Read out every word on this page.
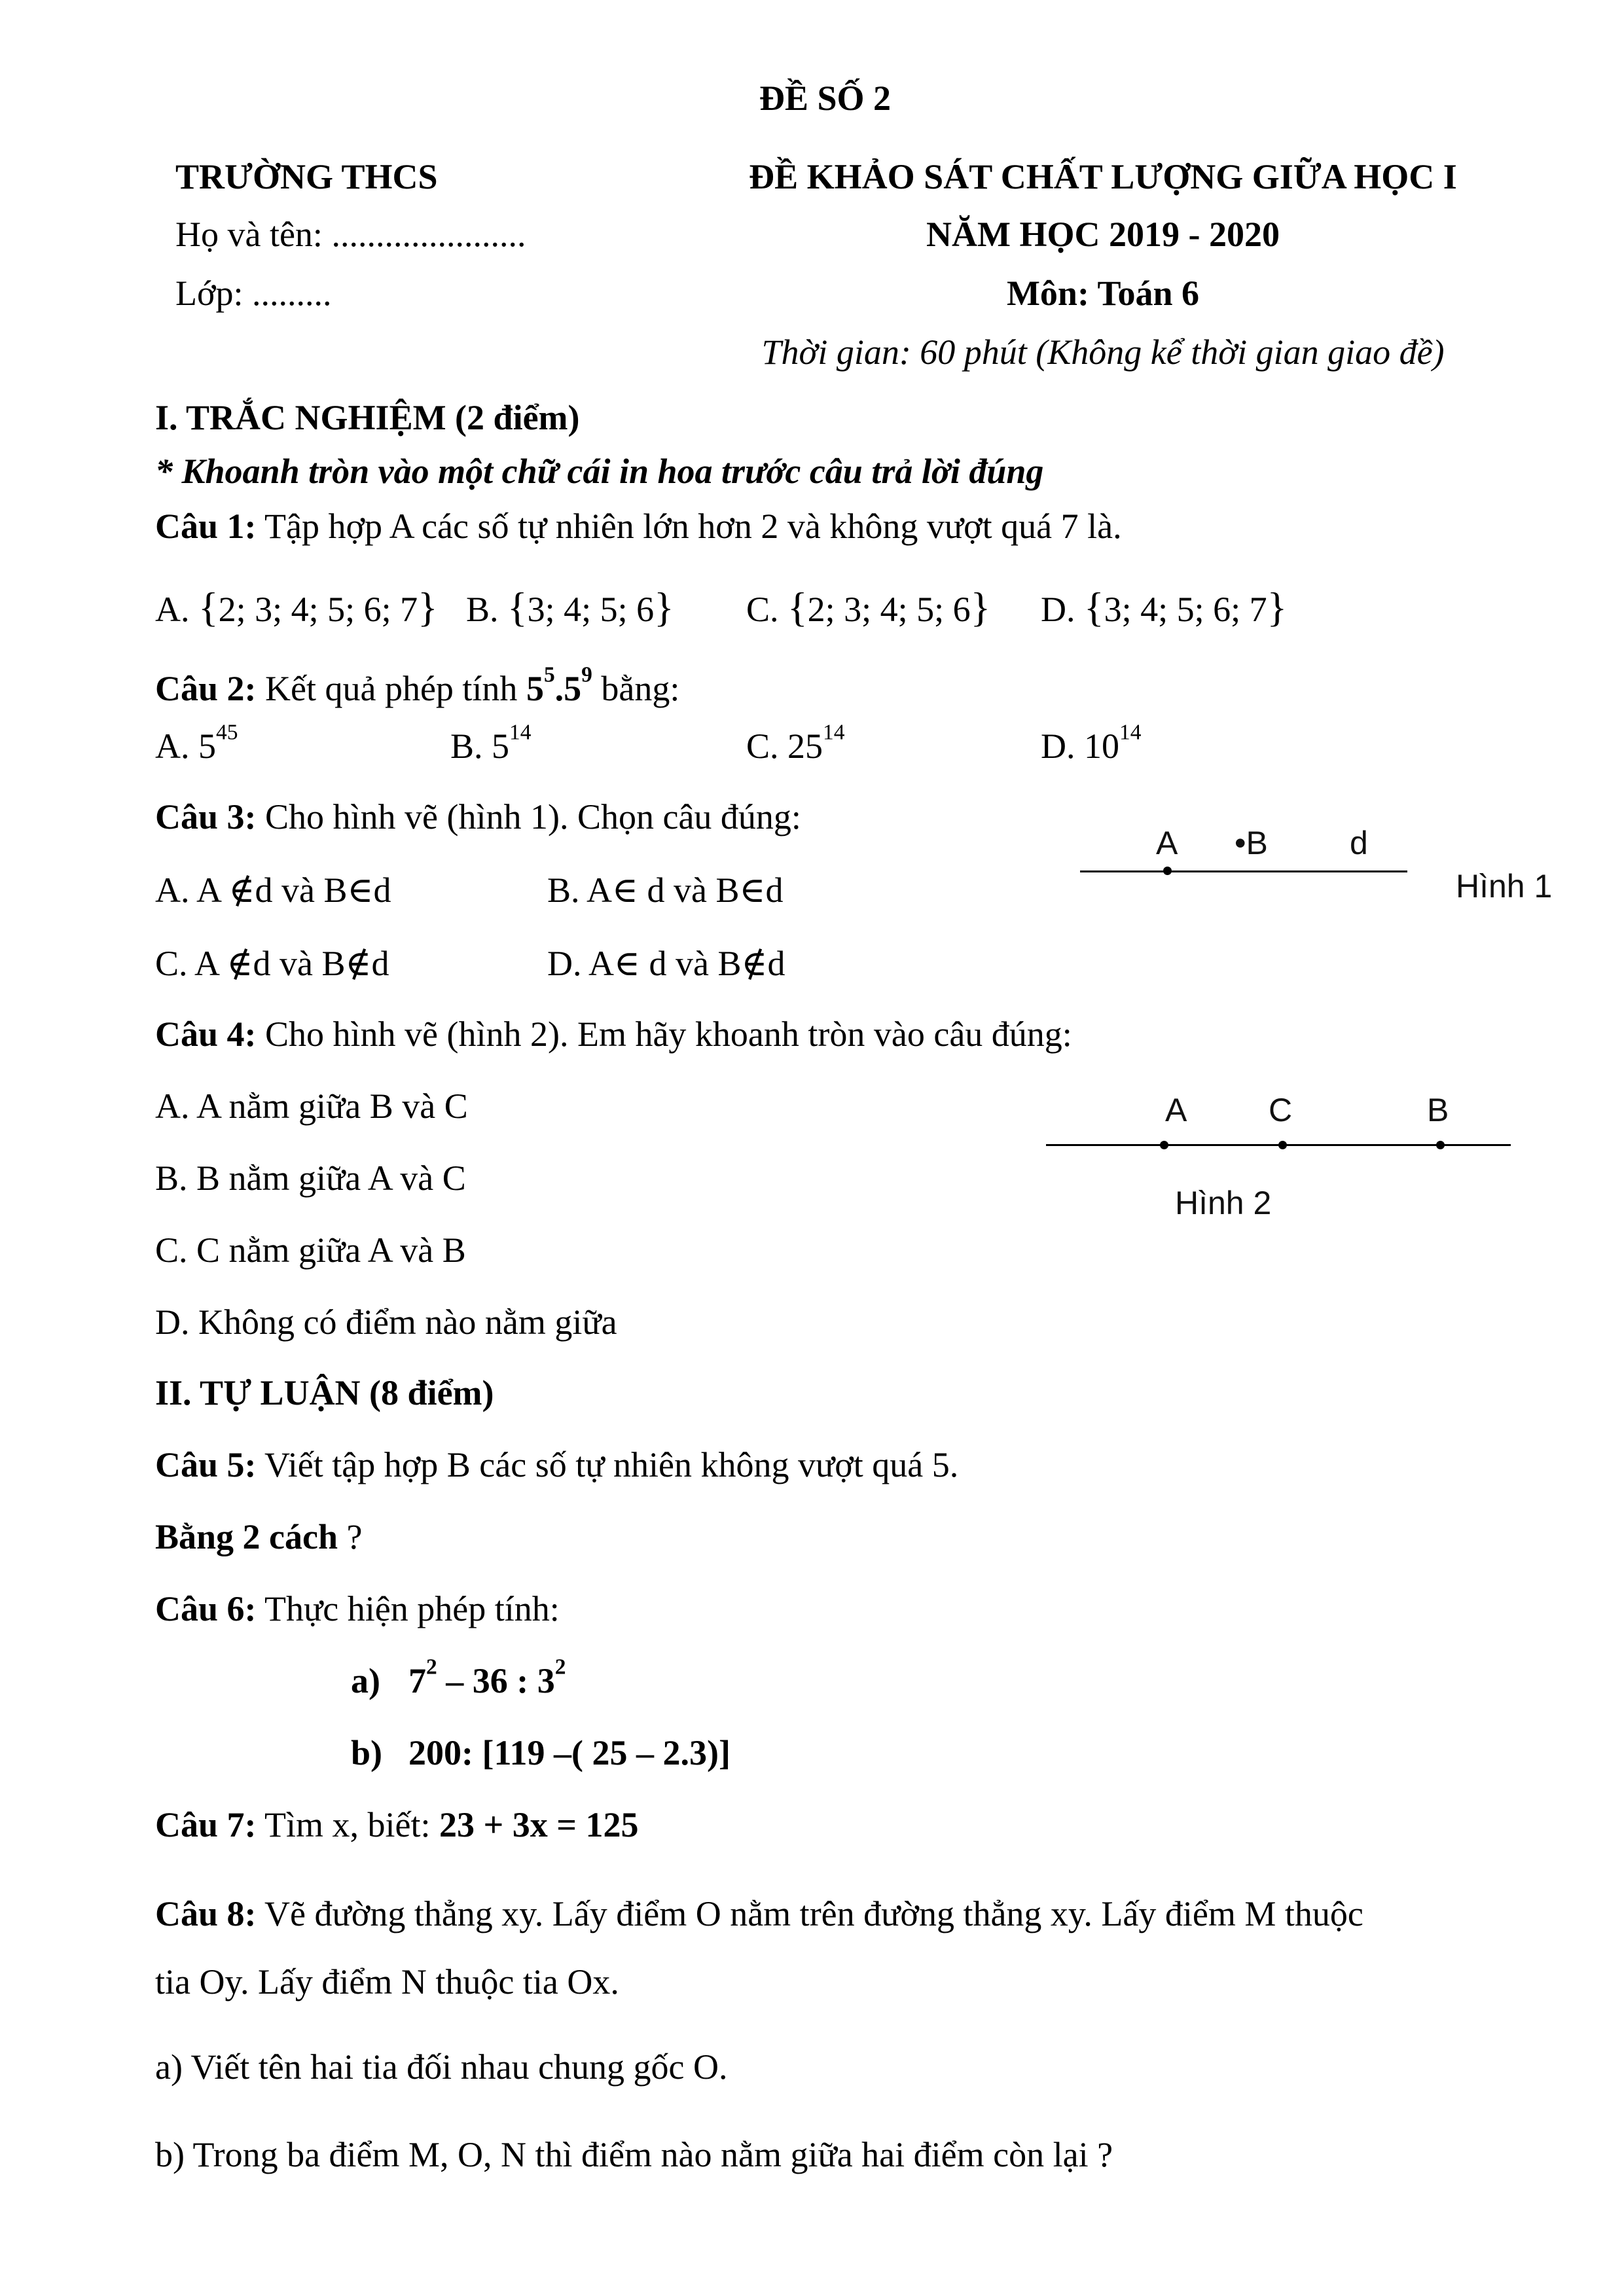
ĐỀ SỐ 2
TRƯỜNG THCS
Họ và tên: ......................
Lớp: .........
ĐỀ KHẢO SÁT CHẤT LƯỢNG GIỮA HỌC I
NĂM HỌC 2019 - 2020
Môn: Toán 6
Thời gian: 60 phút (Không kể thời gian giao đề)
I. TRẮC NGHIỆM (2 điểm)
* Khoanh tròn vào một chữ cái in hoa trước câu trả lời đúng
Câu 1: Tập hợp A các số tự nhiên lớn hơn 2 và không vượt quá 7 là.
A. {2; 3; 4; 5; 6; 7} B. {3; 4; 5; 6} C. {2; 3; 4; 5; 6} D. {3; 4; 5; 6; 7}
Câu 2: Kết quả phép tính $5^5.5^9$ bằng:
A. $5^{45}$	B. $5^{14}$	C. $25^{14}$	D. $10^{14}$
Câu 3: Cho hình vẽ (hình 1). Chọn câu đúng:
A. A ∉d và B∈d	B. A∈ d và B∈d
C. A ∉d và B∉d	D. A∈ d và B∉d
A •B	d
Hình 1
Câu 4: Cho hình vẽ (hình 2). Em hãy khoanh tròn vào câu đúng:
A. A nằm giữa B và C
B. B nằm giữa A và C
C. C nằm giữa A và B
D. Không có điểm nào nằm giữa
A C	B
Hình 2
II. TỰ LUẬN (8 điểm)
Câu 5: Viết tập hợp B các số tự nhiên không vượt quá 5.
Bằng 2 cách ?
Câu 6: Thực hiện phép tính:
a) $7^2 - 36$ : $3^2$
b) 200: [119 –( 25 – 2.3)]
Câu 7: Tìm x, biết: 23 + 3x = 125
Câu 8: Vẽ đường thẳng xy. Lấy điểm O nằm trên đường thẳng xy. Lấy điểm M thuộc
tia Oy. Lấy điểm N thuộc tia Ox.
a) Viết tên hai tia đối nhau chung gốc O.
b) Trong ba điểm M, O, N thì điểm nào nằm giữa hai điểm còn lại ?
